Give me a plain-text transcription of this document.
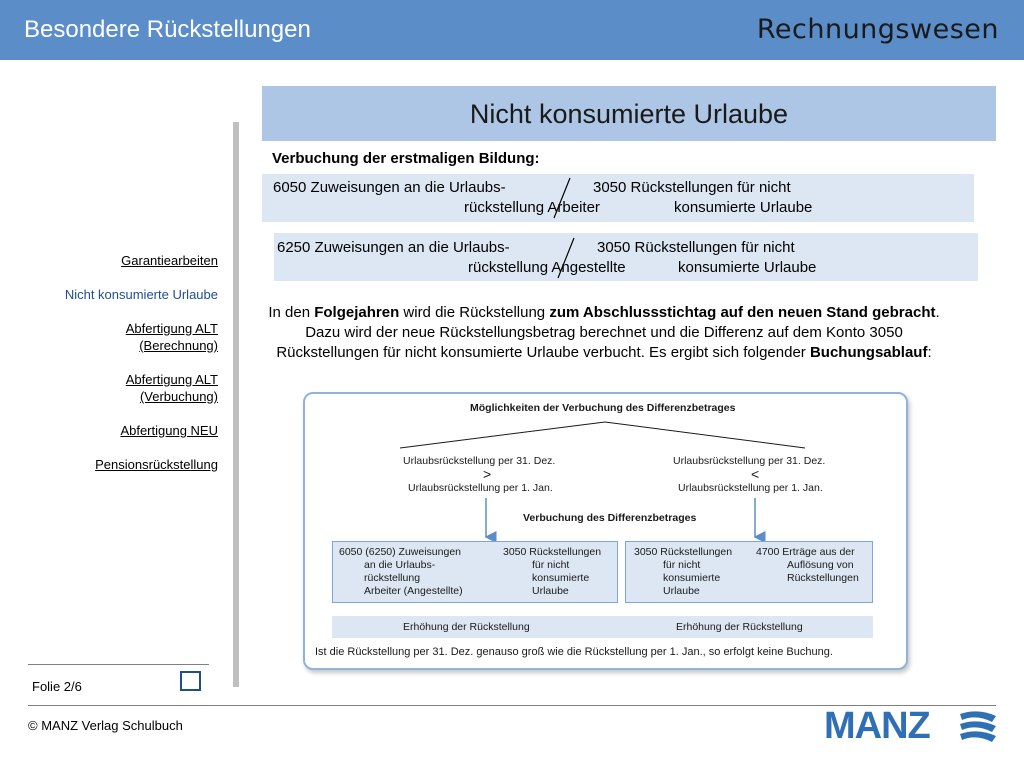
Besondere Rückstellungen	Rechnungswesen
Garantiearbeiten
Nicht konsumierte Urlaube
Abfertigung ALT
(Berechnung)
Abfertigung ALT
(Verbuchung)
Abfertigung NEU
Pensionsrückstellung
Folie 2/6
© MANZ Verlag Schulbuch	MANZ
Nicht konsumierte Urlaube
Verbuchung der erstmaligen Bildung:
6050 Zuweisungen an die Urlaubs-
rückstellung Arbeiter
3050 Rückstellungen für nicht
konsumierte Urlaube
6250 Zuweisungen an die Urlaubs-
rückstellung Angestellte
3050 Rückstellungen für nicht
konsumierte Urlaube
In den Folgejahren wird die Rückstellung zum Abschlussstichtag auf den neuen Stand gebracht. Dazu wird der neue Rückstellungsbetrag berechnet und die Differenz auf dem Konto 3050 Rückstellungen für nicht konsumierte Urlaube verbucht. Es ergibt sich folgender Buchungsablauf:
Möglichkeiten der Verbuchung des Differenzbetrages
Urlaubsrückstellung per 31. Dez.
>
Urlaubsrückstellung per 1. Jan.
Urlaubsrückstellung per 31. Dez.
<
Urlaubsrückstellung per 1. Jan.
Verbuchung des Differenzbetrages
6050 (6250) Zuweisungen
an die Urlaubs-
rückstellung
Arbeiter (Angestellte)
3050 Rückstellungen
für nicht
konsumierte
Urlaube
3050 Rückstellungen
für nicht
konsumierte
Urlaube
4700 Erträge aus der
Auflösung von
Rückstellungen
Erhöhung der Rückstellung	Erhöhung der Rückstellung
Ist die Rückstellung per 31. Dez. genauso groß wie die Rückstellung per 1. Jan., so erfolgt keine Buchung.
